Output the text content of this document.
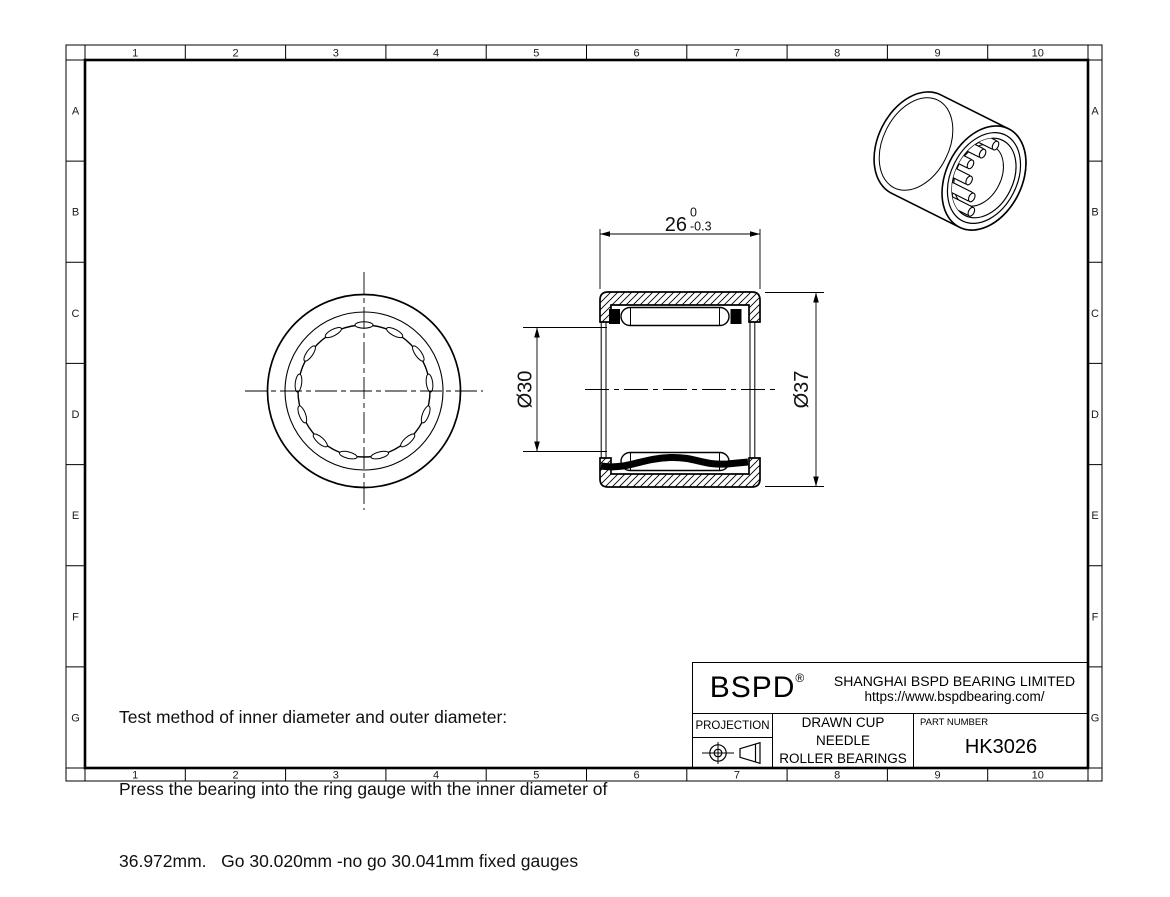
1	2	3	4	5	6	7	8	9	10
1	2	3	4	5	6	7	8	9	10
A
B
C
D
E
F
G
A
B
C
D
E
F
G
26
0
-0.3
Ø30	Ø37

Test method of inner diameter and outer diameter:

Press the bearing into the ring gauge with the inner diameter of

36.972mm.   Go 30.020mm -no go 30.041mm fixed gauges

BSPD®	SHANGHAI BSPD BEARING LIMITED
https://www.bspdbearing.com/
PROJECTION	DRAWN CUP NEEDLE
ROLLER BEARINGS
PART NUMBER
HK3026
